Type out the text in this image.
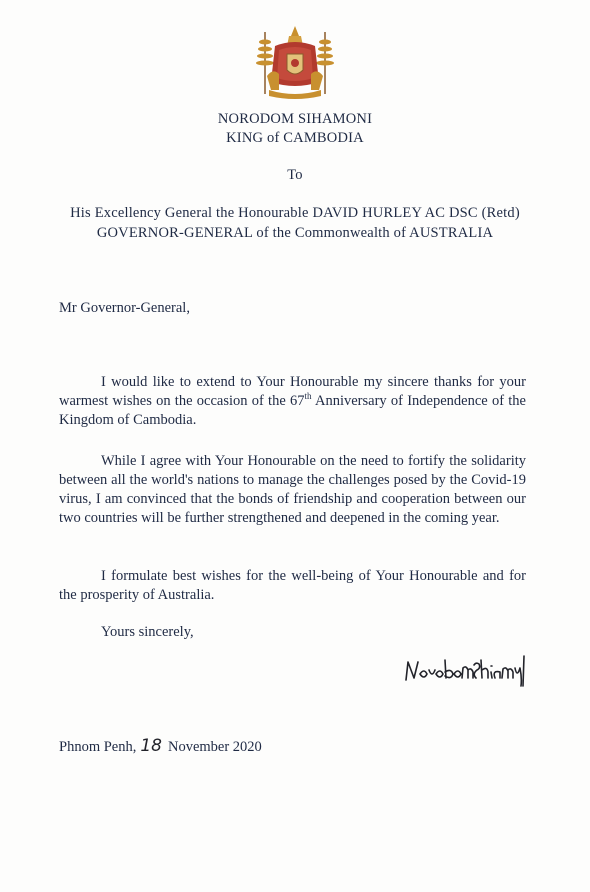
NORODOM SIHAMONI
KING of CAMBODIA
To
His Excellency General the Honourable DAVID HURLEY AC DSC (Retd)
GOVERNOR-GENERAL of the Commonwealth of AUSTRALIA
Mr Governor-General,

I would like to extend to Your Honourable my sincere thanks for your warmest wishes on the occasion of the 67th Anniversary of Independence of the Kingdom of Cambodia.

While I agree with Your Honourable on the need to fortify the solidarity between all the world's nations to manage the challenges posed by the Covid-19 virus, I am convinced that the bonds of friendship and cooperation between our two countries will be further strengthened and deepened in the coming year.

I formulate best wishes for the well-being of Your Honourable and for the prosperity of Australia.

Yours sincerely,
Phnom Penh, 18 November 2020
